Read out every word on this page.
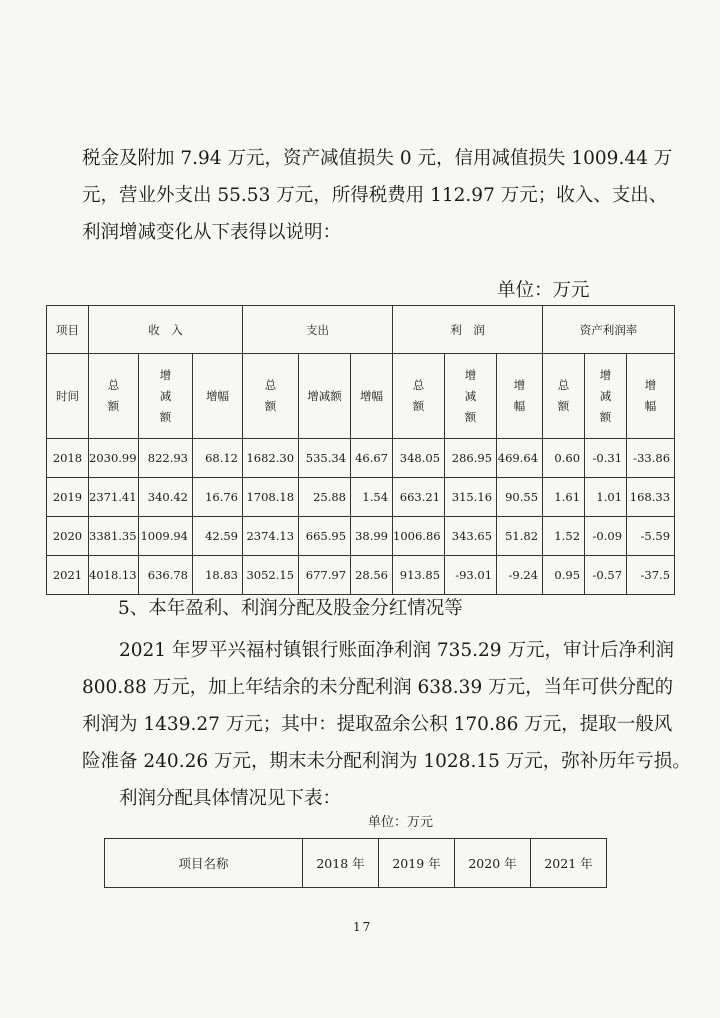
税金及附加 7.94 万元，资产减值损失 0 元，信用减值损失 1009.44 万
元，营业外支出 55.53 万元，所得税费用 112.97 万元；收入、支出、
利润增减变化从下表得以说明：
单位：万元
项目	收　入			支出			利　润			资产利润率		
时间	总额	增减额	增幅	总额	增减额	增幅	总额	增减额	增幅	总额	增减额	增幅
2018	2030.99	822.93	68.12	1682.30	535.34	46.67	348.05	286.95	469.64	0.60	-0.31	-33.86
2019	2371.41	340.42	16.76	1708.18	25.88	1.54	663.21	315.16	90.55	1.61	1.01	168.33
2020	3381.35	1009.94	42.59	2374.13	665.95	38.99	1006.86	343.65	51.82	1.52	-0.09	-5.59
2021	4018.13	636.78	18.83	3052.15	677.97	28.56	913.85	-93.01	-9.24	0.95	-0.57	-37.5
5、本年盈利、利润分配及股金分红情况等
2021 年罗平兴福村镇银行账面净利润 735.29 万元，审计后净利润
800.88 万元，加上年结余的未分配利润 638.39 万元，当年可供分配的
利润为 1439.27 万元；其中：提取盈余公积 170.86 万元，提取一般风
险准备 240.26 万元，期末未分配利润为 1028.15 万元，弥补历年亏损。
利润分配具体情况见下表：
单位：万元
项目名称	2018 年	2019 年	2020 年	2021 年
17
